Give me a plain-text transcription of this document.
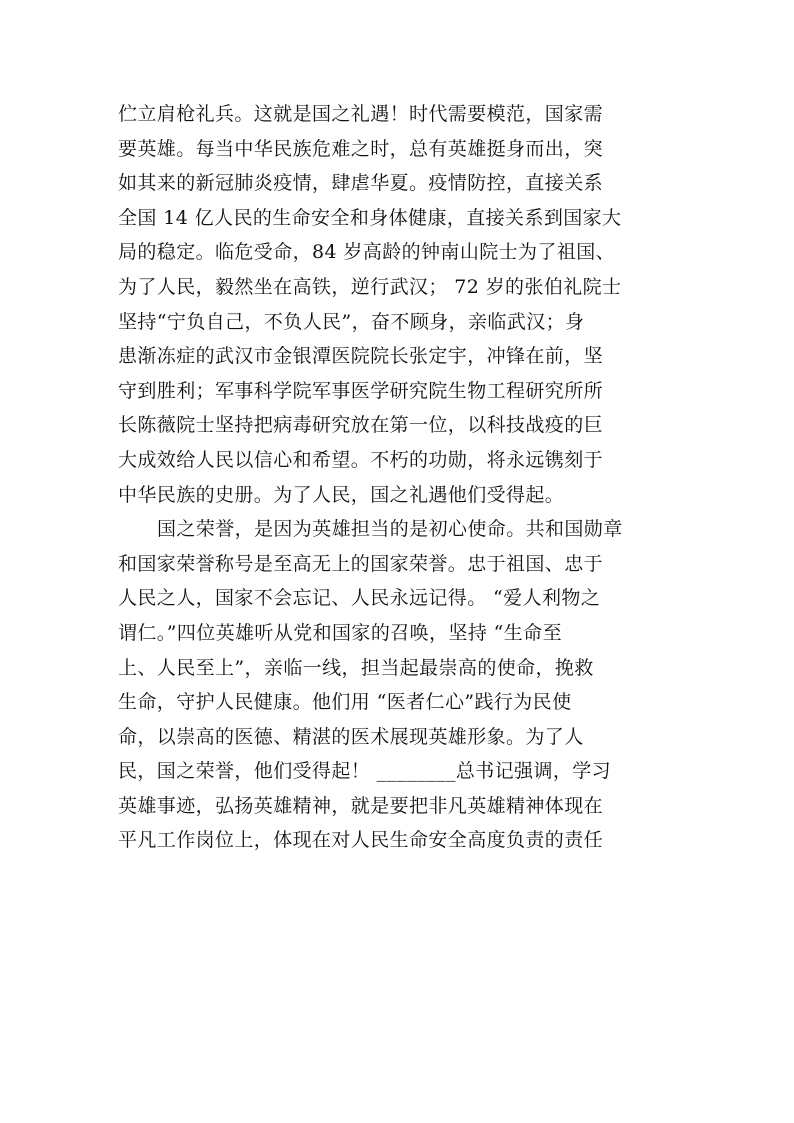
伫立肩枪礼兵。这就是国之礼遇！时代需要模范，国家需
要英雄。每当中华民族危难之时，总有英雄挺身而出，突
如其来的新冠肺炎疫情，肆虐华夏。疫情防控，直接关系
全国 14 亿人民的生命安全和身体健康，直接关系到国家大
局的稳定。临危受命，84 岁高龄的钟南山院士为了祖国、
为了人民，毅然坐在高铁，逆行武汉； 72 岁的张伯礼院士
坚持“宁负自己，不负人民”，奋不顾身，亲临武汉；身
患渐冻症的武汉市金银潭医院院长张定宇，冲锋在前，坚
守到胜利；军事科学院军事医学研究院生物工程研究所所
长陈薇院士坚持把病毒研究放在第一位，以科技战疫的巨
大成效给人民以信心和希望。不朽的功勋，将永远镌刻于
中华民族的史册。为了人民，国之礼遇他们受得起。
国之荣誉，是因为英雄担当的是初心使命。共和国勋章
和国家荣誉称号是至高无上的国家荣誉。忠于祖国、忠于
人民之人，国家不会忘记、人民永远记得。 “爱人利物之
谓仁。”四位英雄听从党和国家的召唤，坚持 “生命至
上、人民至上”，亲临一线，担当起最崇高的使命，挽救
生命，守护人民健康。他们用 “医者仁心”践行为民使
命，以崇高的医德、精湛的医术展现英雄形象。为了人
民，国之荣誉，他们受得起！ ________总书记强调，学习
英雄事迹，弘扬英雄精神，就是要把非凡英雄精神体现在
平凡工作岗位上，体现在对人民生命安全高度负责的责任
